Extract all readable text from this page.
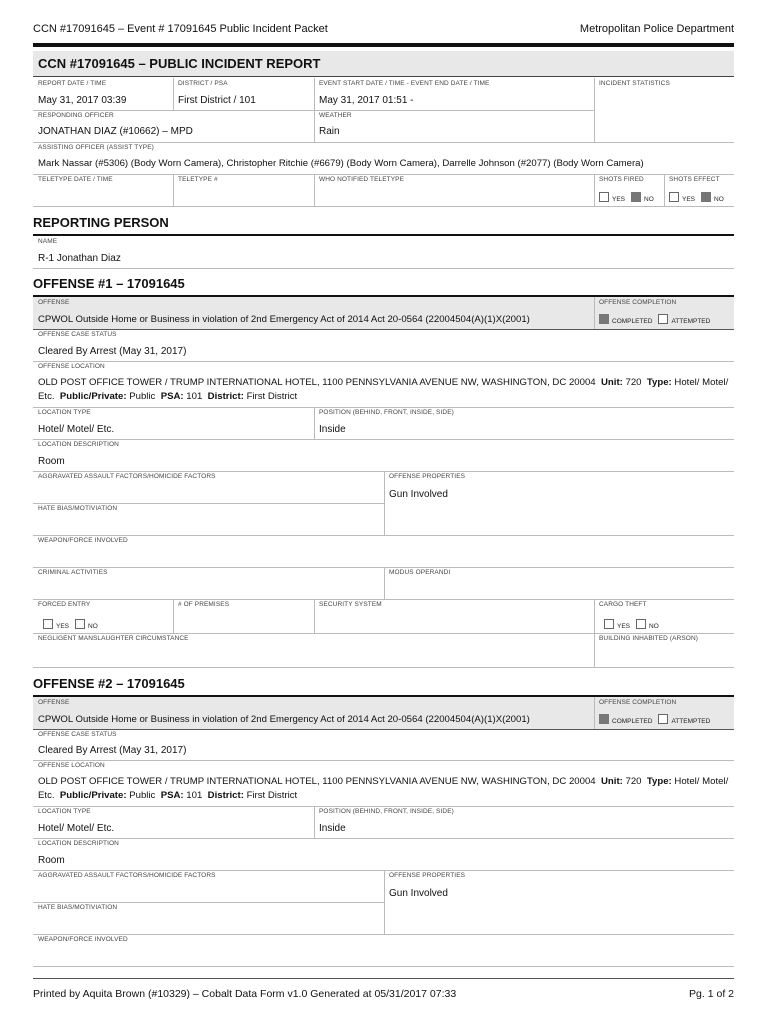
CCN #17091645 – Event # 17091645 Public Incident Packet	Metropolitan Police Department
CCN #17091645 – PUBLIC INCIDENT REPORT
REPORT DATE / TIME
May 31, 2017 03:39
DISTRICT / PSA
First District / 101
EVENT START DATE / TIME - EVENT END DATE / TIME
May 31, 2017 01:51 -
INCIDENT STATISTICS
RESPONDING OFFICER
JONATHAN DIAZ (#10662) – MPD
WEATHER
Rain
ASSISTING OFFICER (ASSIST TYPE)
Mark Nassar (#5306) (Body Worn Camera), Christopher Ritchie (#6679) (Body Worn Camera), Darrelle Johnson (#2077) (Body Worn Camera)
TELETYPE DATE / TIME	TELETYPE #	WHO NOTIFIED TELETYPE	SHOTS FIRED
YES	NO
SHOTS EFFECT
YES	NO
REPORTING PERSON
NAME
R-1 Jonathan Diaz
OFFENSE #1 – 17091645
OFFENSE
CPWOL Outside Home or Business in violation of 2nd Emergency Act of 2014 Act 20-0564 (22004504(A)(1)X(2001)
OFFENSE COMPLETION
COMPLETED	ATTEMPTED
OFFENSE CASE STATUS
Cleared By Arrest (May 31, 2017)
OFFENSE LOCATION
OLD POST OFFICE TOWER / TRUMP INTERNATIONAL HOTEL, 1100 PENNSYLVANIA AVENUE NW, WASHINGTON, DC 20004 Unit: 720 Type: Hotel/ Motel/
Etc. Public/Private: Public PSA: 101 District: First District
LOCATION TYPE
Hotel/ Motel/ Etc.
POSITION (BEHIND, FRONT, INSIDE, SIDE)
Inside
LOCATION DESCRIPTION
Room
AGGRAVATED ASSAULT FACTORS/HOMICIDE FACTORS	OFFENSE PROPERTIES
Gun Involved
HATE BIAS/MOTIVIATION
WEAPON/FORCE INVOLVED
CRIMINAL ACTIVITIES	MODUS OPERANDI
FORCED ENTRY
YES	NO
# OF PREMISES	SECURITY SYSTEM	CARGO THEFT
YES	NO
NEGLIGENT MANSLAUGHTER CIRCUMSTANCE	BUILDING INHABITED (ARSON)
OFFENSE #2 – 17091645
OFFENSE
CPWOL Outside Home or Business in violation of 2nd Emergency Act of 2014 Act 20-0564 (22004504(A)(1)X(2001)
OFFENSE COMPLETION
COMPLETED	ATTEMPTED
OFFENSE CASE STATUS
Cleared By Arrest (May 31, 2017)
OFFENSE LOCATION
OLD POST OFFICE TOWER / TRUMP INTERNATIONAL HOTEL, 1100 PENNSYLVANIA AVENUE NW, WASHINGTON, DC 20004 Unit: 720 Type: Hotel/ Motel/
Etc. Public/Private: Public PSA: 101 District: First District
LOCATION TYPE
Hotel/ Motel/ Etc.
POSITION (BEHIND, FRONT, INSIDE, SIDE)
Inside
LOCATION DESCRIPTION
Room
AGGRAVATED ASSAULT FACTORS/HOMICIDE FACTORS	OFFENSE PROPERTIES
Gun Involved
HATE BIAS/MOTIVIATION
WEAPON/FORCE INVOLVED
Printed by Aquita Brown (#10329) – Cobalt Data Form v1.0 Generated at 05/31/2017 07:33	Pg. 1 of 2
